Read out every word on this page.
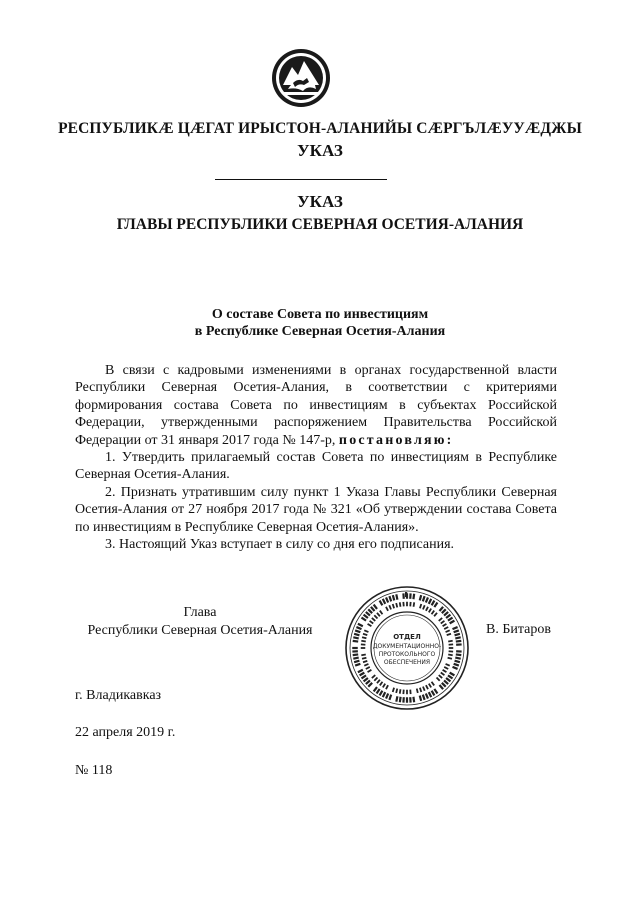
РЕСПУБЛИКӔ ЦӔГАТ ИРЫСТОН-АЛАНИЙЫ СӔРГЪЛӔУУӔДЖЫ
УКАЗ
УКАЗ
ГЛАВЫ РЕСПУБЛИКИ СЕВЕРНАЯ ОСЕТИЯ-АЛАНИЯ
О составе Совета по инвестициям
в Республике Северная Осетия-Алания

В связи с кадровыми изменениями в органах государственной власти Республики Северная Осетия-Алания, в соответствии с критериями формирования состава Совета по инвестициям в субъектах Российской Федерации, утвержденными распоряжением Правительства Российской Федерации от 31 января 2017 года № 147-р, постановляю:

1. Утвердить прилагаемый состав Совета по инвестициям в Республике Северная Осетия-Алания.

2. Признать утратившим силу пункт 1 Указа Главы Республики Северная Осетия-Алания от 27 ноября 2017 года № 321 «Об утверждении состава Совета по инвестициям в Республике Северная Осетия-Алания».

3. Настоящий Указ вступает в силу со дня его подписания.

Глава
Республики Северная Осетия-Алания	ОТДЕЛ
ДОКУМЕНТАЦИОННО-
ПРОТОКОЛЬНОГО
ОБЕСПЕЧЕНИЯ
В. Битаров
г. Владикавказ
22 апреля 2019 г.
№ 118
